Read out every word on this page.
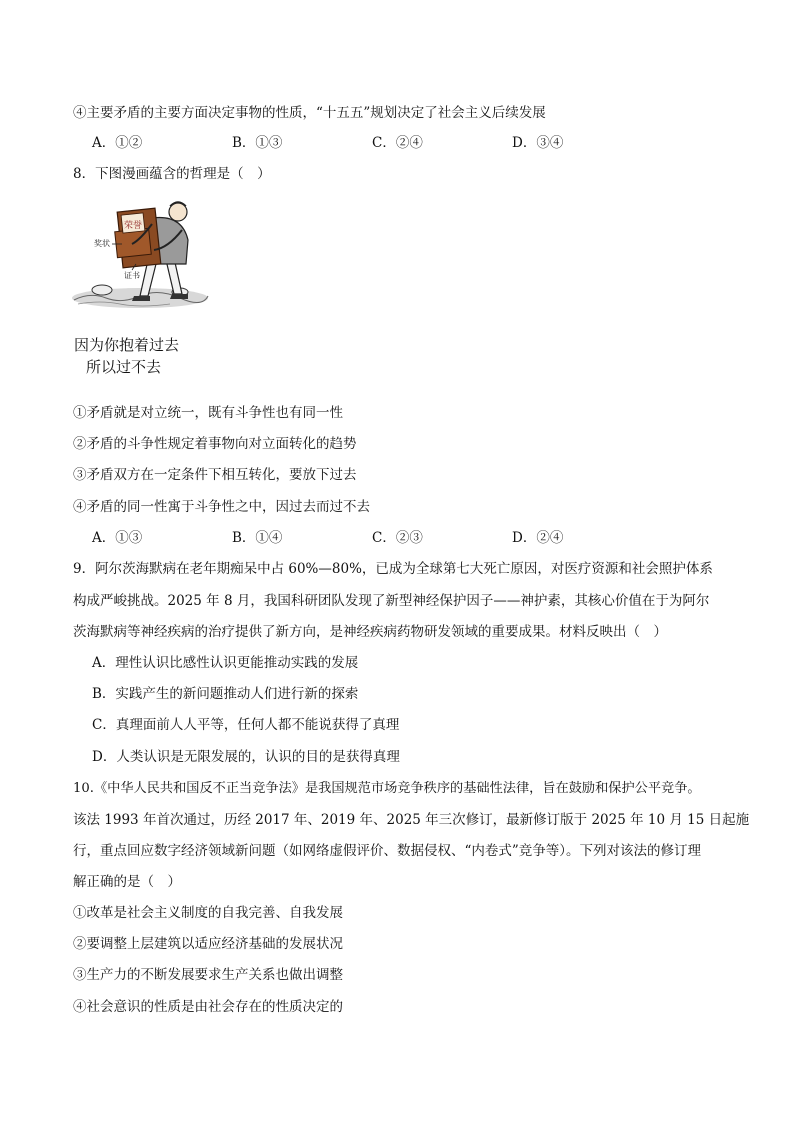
④主要矛盾的主要方面决定事物的性质，“十五五”规划决定了社会主义后续发展
A．①②	B．①③	C．②④	D．③④
8．下图漫画蕴含的哲理是（　）
荣誉
奖状
证书
因为你抱着过去
所以过不去
①矛盾就是对立统一，既有斗争性也有同一性
②矛盾的斗争性规定着事物向对立面转化的趋势
③矛盾双方在一定条件下相互转化，要放下过去
④矛盾的同一性寓于斗争性之中，因过去而过不去
A．①③	B．①④	C．②③	D．②④
9．阿尔茨海默病在老年期痴呆中占 60%—80%，已成为全球第七大死亡原因，对医疗资源和社会照护体系
构成严峻挑战。2025 年 8 月，我国科研团队发现了新型神经保护因子——神护素，其核心价值在于为阿尔
茨海默病等神经疾病的治疗提供了新方向，是神经疾病药物研发领域的重要成果。材料反映出（　）
A．理性认识比感性认识更能推动实践的发展
B．实践产生的新问题推动人们进行新的探索
C．真理面前人人平等，任何人都不能说获得了真理
D．人类认识是无限发展的，认识的目的是获得真理
10.《中华人民共和国反不正当竞争法》是我国规范市场竞争秩序的基础性法律，旨在鼓励和保护公平竞争。
该法 1993 年首次通过，历经 2017 年、2019 年、2025 年三次修订，最新修订版于 2025 年 10 月 15 日起施
行，重点回应数字经济领域新问题（如网络虚假评价、数据侵权、“内卷式”竞争等）。下列对该法的修订理
解正确的是（　）
①改革是社会主义制度的自我完善、自我发展
②要调整上层建筑以适应经济基础的发展状况
③生产力的不断发展要求生产关系也做出调整
④社会意识的性质是由社会存在的性质决定的
